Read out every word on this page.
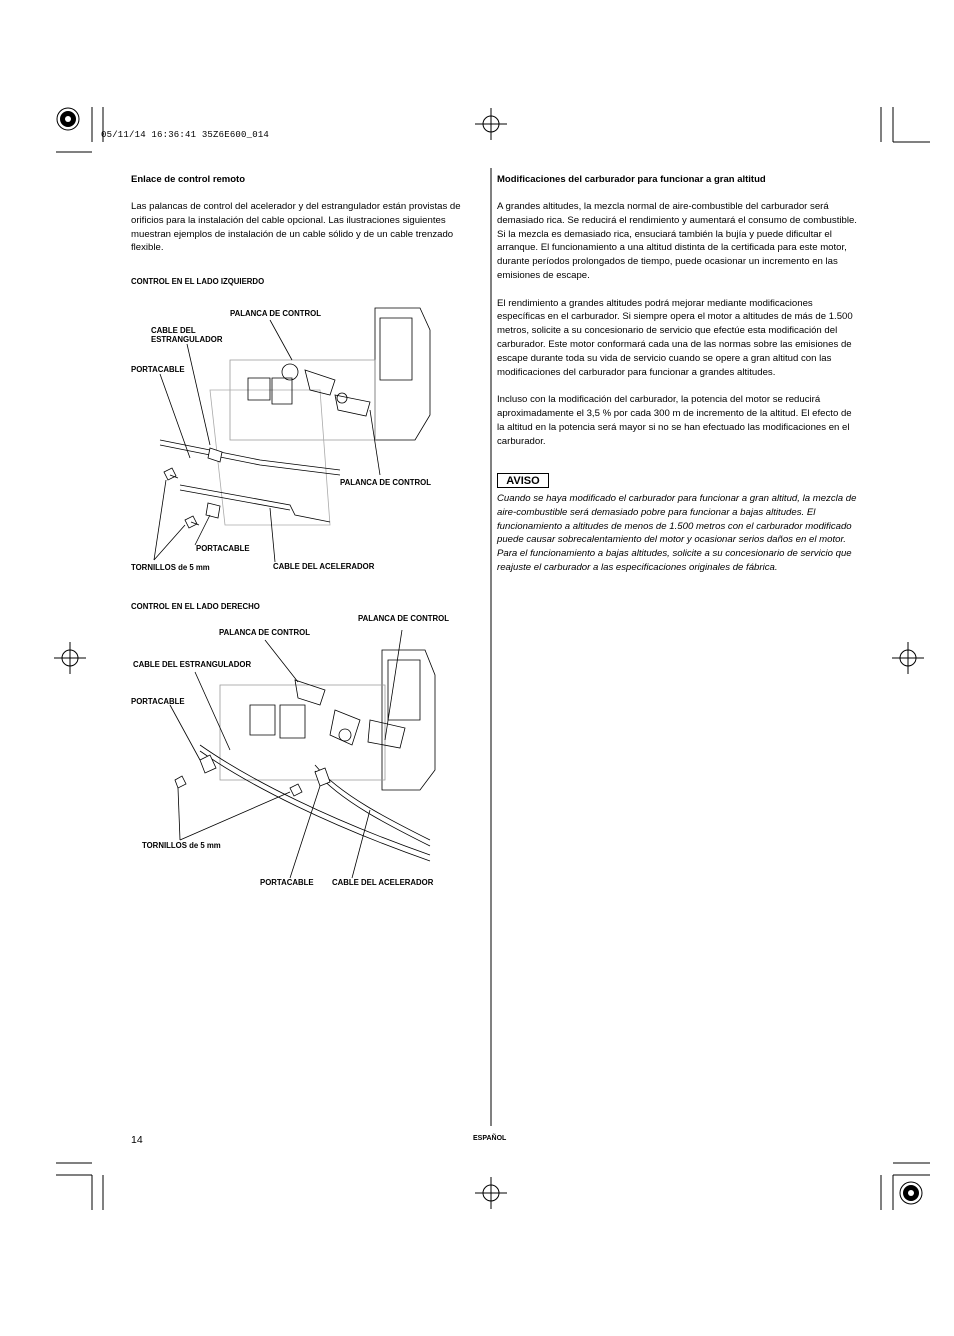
05/11/14 16:36:41 35Z6E600_014
Enlace de control remoto

Las palancas de control del acelerador y del estrangulador están provistas de orificios para la instalación del cable opcional. Las ilustraciones siguientes muestran ejemplos de instalación de un cable sólido y de un cable trenzado flexible.

CONTROL EN EL LADO IZQUIERDO
PALANCA DE CONTROL
CABLE DEL
ESTRANGULADOR
PORTACABLE
PALANCA DE CONTROL
PORTACABLE
TORNILLOS de 5 mm	CABLE DEL ACELERADOR
CONTROL EN EL LADO DERECHO
PALANCA DE CONTROL
PALANCA DE CONTROL
CABLE DEL ESTRANGULADOR
PORTACABLE
TORNILLOS de 5 mm
PORTACABLE CABLE DEL ACELERADOR
Modificaciones del carburador para funcionar a gran altitud

A grandes altitudes, la mezcla normal de aire-combustible del carburador será demasiado rica. Se reducirá el rendimiento y aumentará el consumo de combustible. Si la mezcla es demasiado rica, ensuciará también la bujía y puede dificultar el arranque. El funcionamiento a una altitud distinta de la certificada para este motor, durante períodos prolongados de tiempo, puede ocasionar un incremento en las emisiones de escape.

El rendimiento a grandes altitudes podrá mejorar mediante modificaciones específicas en el carburador. Si siempre opera el motor a altitudes de más de 1.500 metros, solicite a su concesionario de servicio que efectúe esta modificación del carburador. Este motor conformará cada una de las normas sobre las emisiones de escape durante toda su vida de servicio cuando se opere a gran altitud con las modificaciones del carburador para funcionar a grandes altitudes.

Incluso con la modificación del carburador, la potencia del motor se reducirá aproximadamente el 3,5 % por cada 300 m de incremento de la altitud. El efecto de la altitud en la potencia será mayor si no se han efectuado las modificaciones en el carburador.

AVISO
Cuando se haya modificado el carburador para funcionar a gran altitud, la mezcla de aire-combustible será demasiado pobre para funcionar a bajas altitudes. El funcionamiento a altitudes de menos de 1.500 metros con el carburador modificado puede causar sobrecalentamiento del motor y ocasionar serios daños en el motor. Para el funcionamiento a bajas altitudes, solicite a su concesionario de servicio que reajuste el carburador a las especificaciones originales de fábrica.
14	ESPAÑOL
